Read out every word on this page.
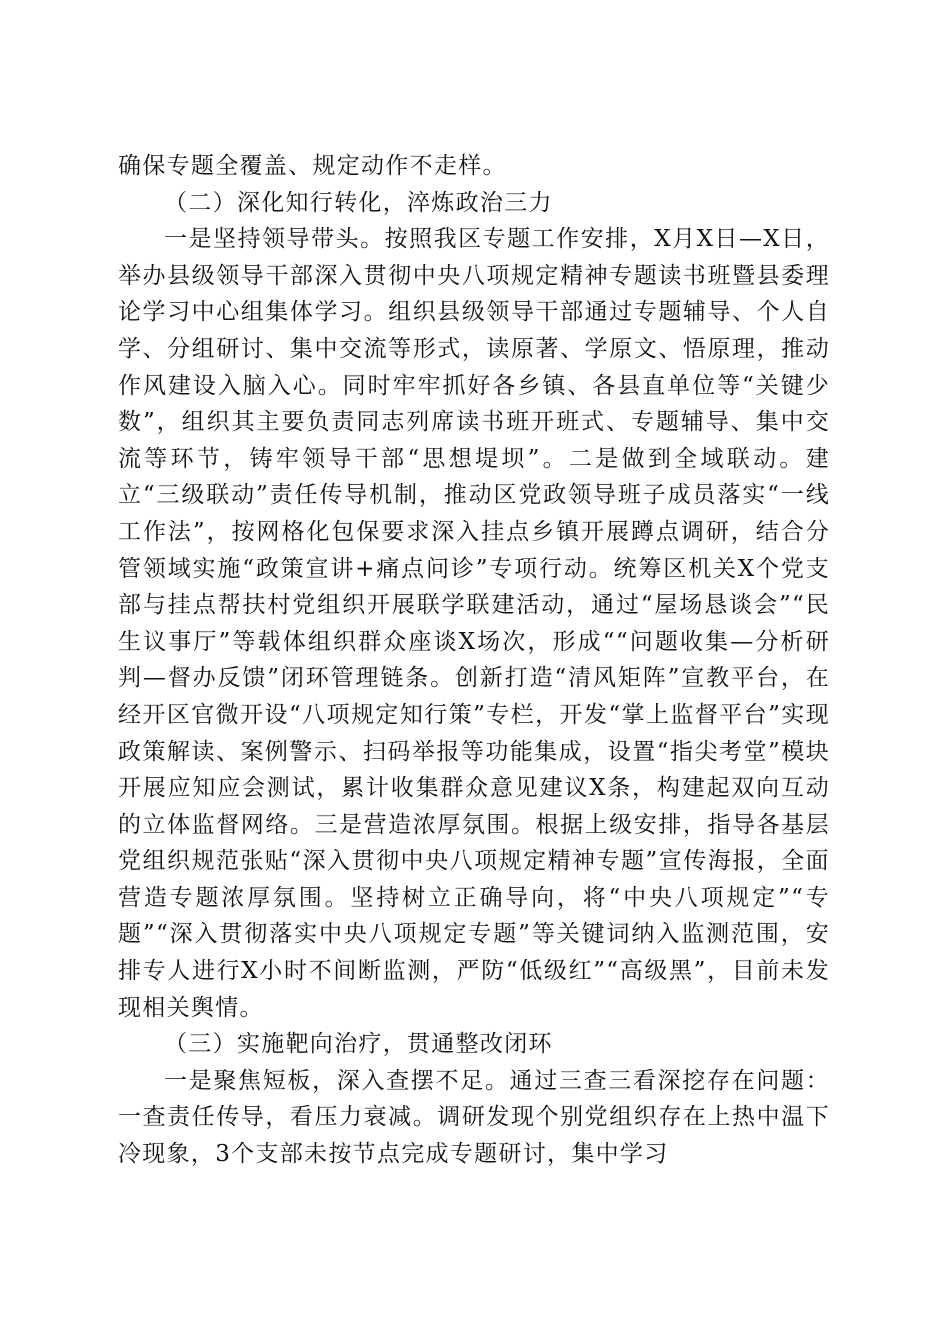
确保专题全覆盖、规定动作不走样。

（二）深化知行转化，淬炼政治三力

一是坚持领导带头。按照我区专题工作安排，X月X日—X日，举办县级领导干部深入贯彻中央八项规定精神专题读书班暨县委理论学习中心组集体学习。组织县级领导干部通过专题辅导、个人自学、分组研讨、集中交流等形式，读原著、学原文、悟原理，推动作风建设入脑入心。同时牢牢抓好各乡镇、各县直单位等“关键少数”，组织其主要负责同志列席读书班开班式、专题辅导、集中交流等环节，铸牢领导干部“思想堤坝”。二是做到全域联动。建立“三级联动”责任传导机制，推动区党政领导班子成员落实“一线工作法”，按网格化包保要求深入挂点乡镇开展蹲点调研，结合分管领域实施“政策宣讲+痛点问诊”专项行动。统筹区机关X个党支部与挂点帮扶村党组织开展联学联建活动，通过“屋场恳谈会”“民生议事厅”等载体组织群众座谈X场次，形成““问题收集—分析研判—督办反馈”闭环管理链条。创新打造“清风矩阵”宣教平台，在经开区官微开设“八项规定知行策”专栏，开发“掌上监督平台”实现政策解读、案例警示、扫码举报等功能集成，设置“指尖考堂”模块开展应知应会测试，累计收集群众意见建议X条，构建起双向互动的立体监督网络。三是营造浓厚氛围。根据上级安排，指导各基层党组织规范张贴“深入贯彻中央八项规定精神专题”宣传海报，全面营造专题浓厚氛围。坚持树立正确导向，将“中央八项规定”“专题”“深入贯彻落实中央八项规定专题”等关键词纳入监测范围，安排专人进行X小时不间断监测，严防“低级红”“高级黑”，目前未发现相关舆情。

（三）实施靶向治疗，贯通整改闭环

一是聚焦短板，深入查摆不足。通过三查三看深挖存在问题：一查责任传导，看压力衰减。调研发现个别党组织存在上热中温下冷现象，3个支部未按节点完成专题研讨，集中学习
